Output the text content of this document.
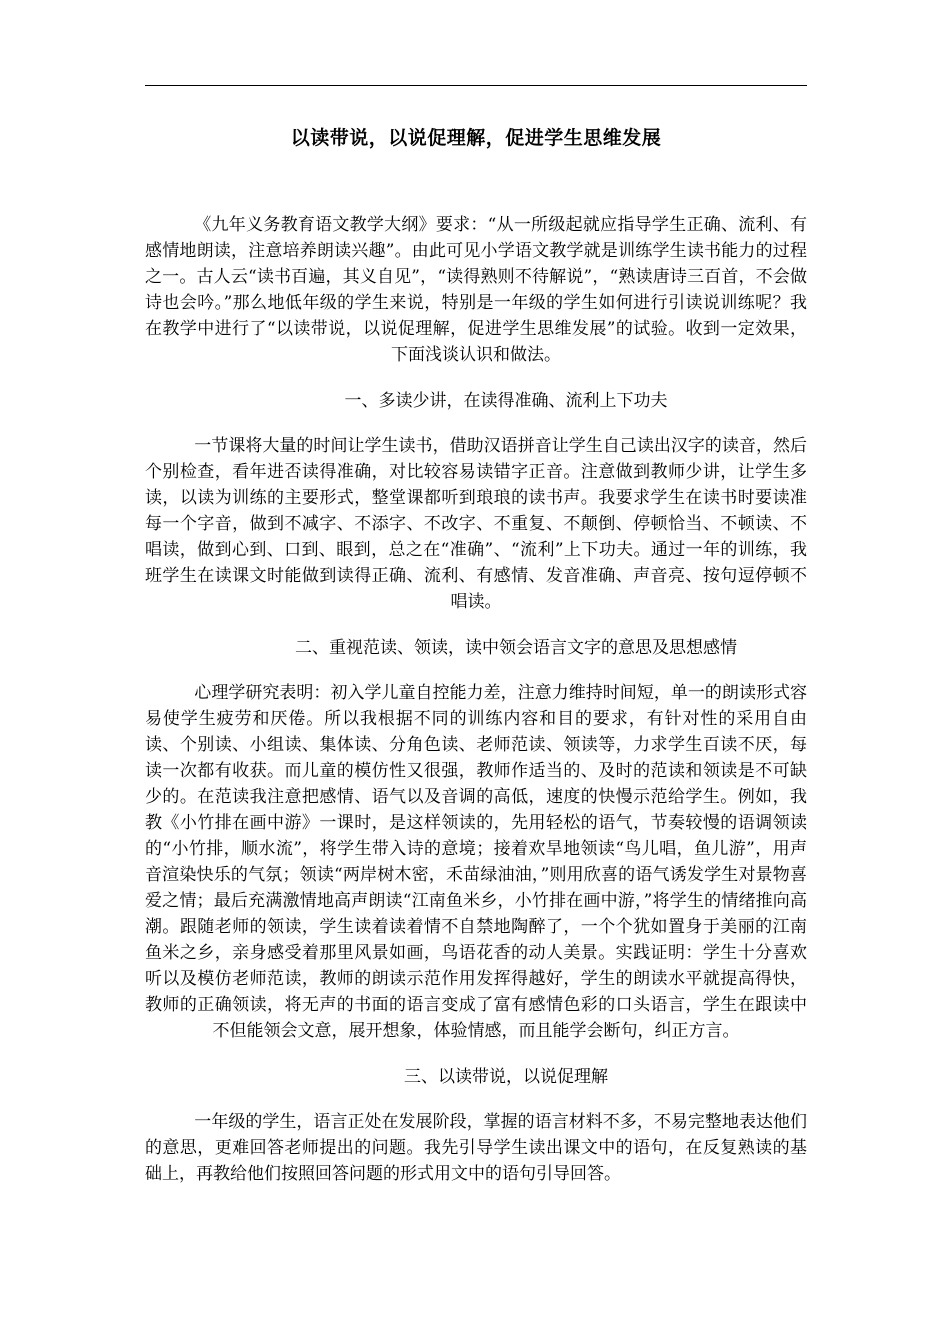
以读带说，以说促理解，促进学生思维发展

《九年义务教育语文教学大纲》要求：“从一所级起就应指导学生正确、流利、有感情地朗读，注意培养朗读兴趣”。由此可见小学语文教学就是训练学生读书能力的过程之一。古人云“读书百遍，其义自见”，“读得熟则不待解说”，“熟读唐诗三百首，不会做诗也会吟。”那么地低年级的学生来说，特别是一年级的学生如何进行引读说训练呢？我在教学中进行了“以读带说，以说促理解，促进学生思维发展”的试验。收到一定效果，下面浅谈认识和做法。

一、多读少讲，在读得准确、流利上下功夫

一节课将大量的时间让学生读书，借助汉语拼音让学生自己读出汉字的读音，然后个别检查，看年进否读得准确，对比较容易读错字正音。注意做到教师少讲，让学生多读，以读为训练的主要形式，整堂课都听到琅琅的读书声。我要求学生在读书时要读准每一个字音，做到不减字、不添字、不改字、不重复、不颠倒、停顿恰当、不顿读、不唱读，做到心到、口到、眼到，总之在“准确”、“流利”上下功夫。通过一年的训练，我班学生在读课文时能做到读得正确、流利、有感情、发音准确、声音亮、按句逗停顿不唱读。

二、重视范读、领读，读中领会语言文字的意思及思想感情

心理学研究表明：初入学儿童自控能力差，注意力维持时间短，单一的朗读形式容易使学生疲劳和厌倦。所以我根据不同的训练内容和目的要求，有针对性的采用自由读、个别读、小组读、集体读、分角色读、老师范读、领读等，力求学生百读不厌，每读一次都有收获。而儿童的模仿性又很强，教师作适当的、及时的范读和领读是不可缺少的。在范读我注意把感情、语气以及音调的高低，速度的快慢示范给学生。例如，我教《小竹排在画中游》一课时，是这样领读的，先用轻松的语气，节奏较慢的语调领读的“小竹排，顺水流”，将学生带入诗的意境；接着欢旱地领读“鸟儿唱，鱼儿游”，用声音渲染快乐的气氛；领读“两岸树木密，禾苗绿油油，”则用欣喜的语气诱发学生对景物喜爱之情；最后充满激情地高声朗读“江南鱼米乡，小竹排在画中游，”将学生的情绪推向高潮。跟随老师的领读，学生读着读着情不自禁地陶醉了，一个个犹如置身于美丽的江南鱼米之乡，亲身感受着那里风景如画，鸟语花香的动人美景。实践证明：学生十分喜欢听以及模仿老师范读，教师的朗读示范作用发挥得越好，学生的朗读水平就提高得快，教师的正确领读，将无声的书面的语言变成了富有感情色彩的口头语言，学生在跟读中不但能领会文意，展开想象，体验情感，而且能学会断句，纠正方言。

三、以读带说，以说促理解

一年级的学生，语言正处在发展阶段，掌握的语言材料不多，不易完整地表达他们的意思，更难回答老师提出的问题。我先引导学生读出课文中的语句，在反复熟读的基础上，再教给他们按照回答问题的形式用文中的语句引导回答。
